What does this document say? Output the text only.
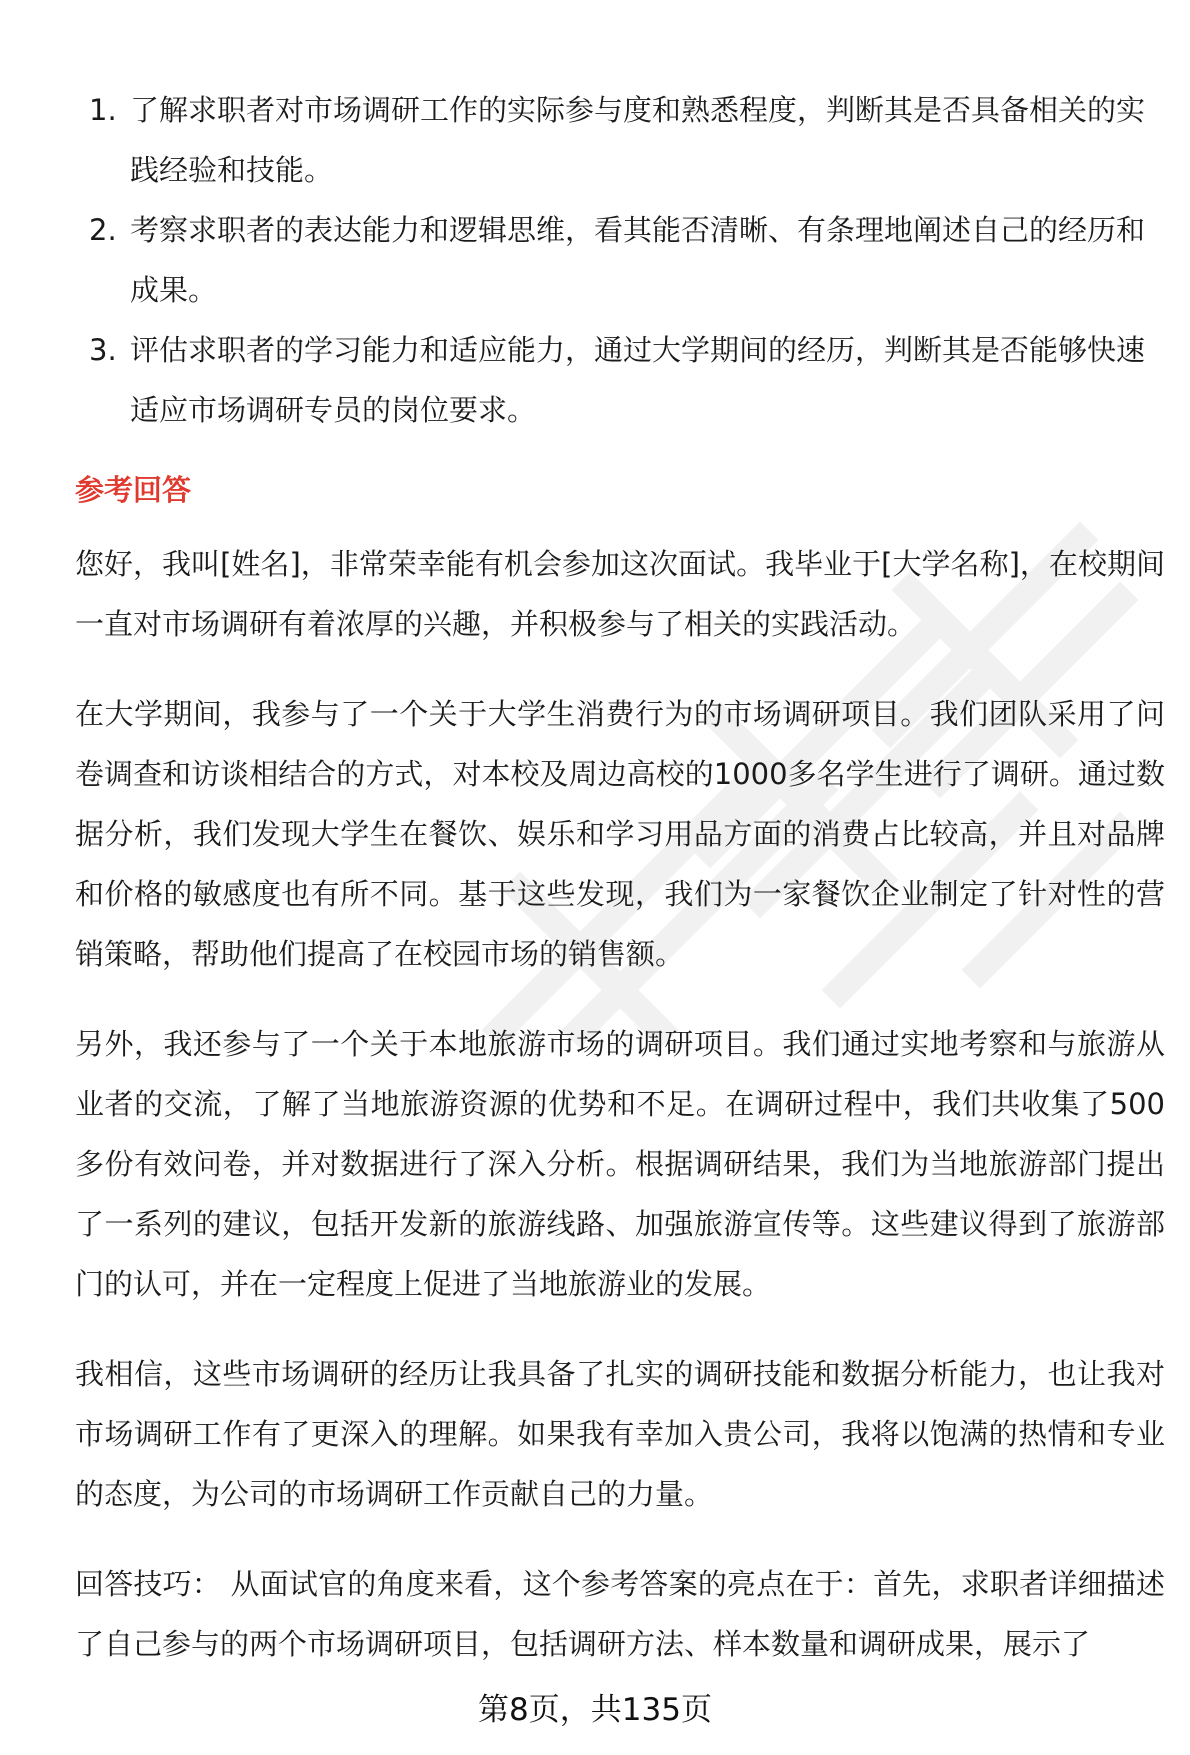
1. 了解求职者对市场调研工作的实际参与度和熟悉程度，判断其是否具备相关的实践经验和技能。
2. 考察求职者的表达能力和逻辑思维，看其能否清晰、有条理地阐述自己的经历和成果。
3. 评估求职者的学习能力和适应能力，通过大学期间的经历，判断其是否能够快速适应市场调研专员的岗位要求。
参考回答

您好，我叫[姓名]，非常荣幸能有机会参加这次面试。我毕业于[大学名称]，在校期间一直对市场调研有着浓厚的兴趣，并积极参与了相关的实践活动。

在大学期间，我参与了一个关于大学生消费行为的市场调研项目。我们团队采用了问卷调查和访谈相结合的方式，对本校及周边高校的1000多名学生进行了调研。通过数据分析，我们发现大学生在餐饮、娱乐和学习用品方面的消费占比较高，并且对品牌和价格的敏感度也有所不同。基于这些发现，我们为一家餐饮企业制定了针对性的营销策略，帮助他们提高了在校园市场的销售额。

另外，我还参与了一个关于本地旅游市场的调研项目。我们通过实地考察和与旅游从业者的交流，了解了当地旅游资源的优势和不足。在调研过程中，我们共收集了500多份有效问卷，并对数据进行了深入分析。根据调研结果，我们为当地旅游部门提出了一系列的建议，包括开发新的旅游线路、加强旅游宣传等。这些建议得到了旅游部门的认可，并在一定程度上促进了当地旅游业的发展。

我相信，这些市场调研的经历让我具备了扎实的调研技能和数据分析能力，也让我对市场调研工作有了更深入的理解。如果我有幸加入贵公司，我将以饱满的热情和专业的态度，为公司的市场调研工作贡献自己的力量。

回答技巧： 从面试官的角度来看，这个参考答案的亮点在于：首先，求职者详细描述了自己参与的两个市场调研项目，包括调研方法、样本数量和调研成果，展示了

第8页，共135页
